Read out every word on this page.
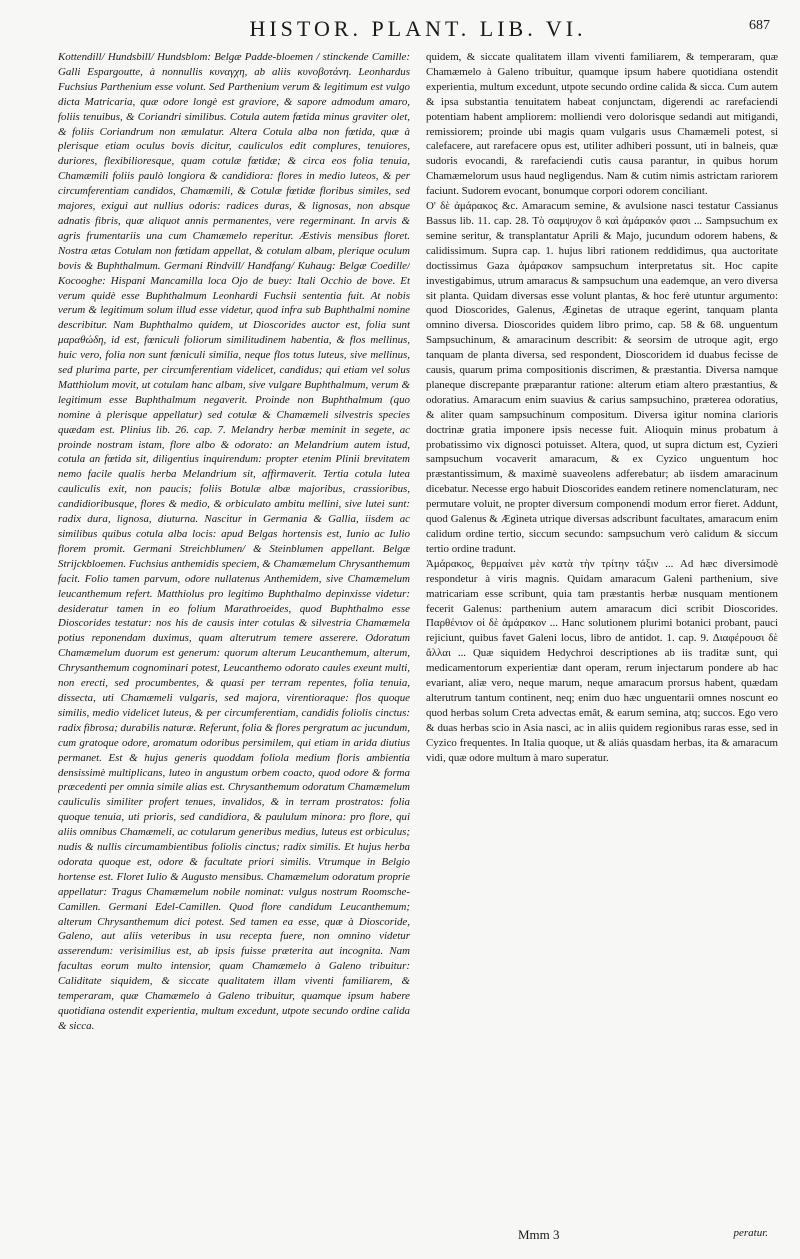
HISTOR. PLANT. LIB. VI.	687

Kottendill/ Hundsbill/ Hundsblom: Belgæ Padde-bloemen / stinckende Camille: Galli Espargoutte, à nonnullis κυναγχη, ab aliis κυνοβοτάνη. Leonhardus Fuchsius Parthenium esse volunt. Sed Parthenium verum & legitimum est vulgo dicta Matricaria, quæ odore longè est graviore, & sapore admodum amaro, foliis tenuibus, & Coriandri similibus. Cotula autem fœtida minus graviter olet, & foliis Coriandrum non æmulatur. Altera Cotula alba non fœtida, quæ à plerisque etiam oculus bovis dicitur, cauliculos edit complures, tenuiores, duriores, flexibilioresque, quam cotulæ fœtidæ; & circa eos folia tenuia, Chamæmili foliis paulò longiora & candidiora: flores in medio luteos, & per circumferentiam candidos, Chamæmili, & Cotulæ fœtidæ floribus similes, sed majores, exigui aut nullius odoris: radices duras, & lignosas, non absque adnatis fibris, quæ aliquot annis permanentes, vere regerminant. In arvis & agris frumentariis una cum Chamæmelo reperitur. Æstivis mensibus floret. Nostra ætas Cotulam non fœtidam appellat, & cotulam albam, plerique oculum bovis & Buphthalmum. Germani Rindvill/ Handfang/ Kuhaug: Belgæ Coedille/ Kocooghe: Hispani Mancamilla loca Ojo de buey: Itali Occhio de bove. Et verum quidè esse Buphthalmum Leonhardi Fuchsii sententia fuit. At nobis verum & legitimum solum illud esse videtur, quod infra sub Buphthalmi nomine describitur. Nam Buphthalmo quidem, ut Dioscorides auctor est, folia sunt μαραθώδη, id est, fœniculi foliorum similitudinem habentia, & flos mellinus, huic vero, folia non sunt fœniculi similia, neque flos totus luteus, sive mellinus, sed plurima parte, per circumferentiam videlicet, candidus; qui etiam vel solus Matthiolum movit, ut cotulam hanc albam, sive vulgare Buphthalmum, verum & legitimum esse Buphthalmum negaverit. Proinde non Buphthalmum (quo nomine à plerisque appellatur) sed cotulæ & Chamæmeli silvestris species quædam est. Plinius lib. 26. cap. 7. Melandry herbæ meminit in segete, ac proinde nostram istam, flore albo & odorato: an Melandrium autem istud, cotula an fœtida sit, diligentius inquirendum: propter etenim Plinii brevitatem nemo facile qualis herba Melandrium sit, affirmaverit. Tertia cotula lutea cauliculis exit, non paucis; foliis Botulæ albæ majoribus, crassioribus, candidioribusque, flores & medio, & orbiculato ambitu mellini, sive lutei sunt: radix dura, lignosa, diuturna. Nascitur in Germania & Gallia, iisdem ac similibus quibus cotula alba locis: apud Belgas hortensis est, Iunio ac Iulio florem promit. Germani Streichblumen/ & Steinblumen appellant. Belgæ Strijckbloemen. Fuchsius anthemidis speciem, & Chamæmelum Chrysanthemum facit. Folio tamen parvum, odore nullatenus Anthemidem, sive Chamæmelum leucanthemum refert. Matthiolus pro legitimo Buphthalmo depinxisse videtur: desideratur tamen in eo folium Marathroeides, quod Buphthalmo esse Dioscorides testatur: nos his de causis inter cotulas & silvestria Chamæmela potius reponendam duximus, quam alterutrum temere asserere. Odoratum Chamæmelum duorum est generum: quorum alterum Leucanthemum, alterum, Chrysanthemum cognominari potest, Leucanthemo odorato caules exeunt multi, non erecti, sed procumbentes, & quasi per terram repentes, folia tenuia, dissecta, uti Chamæmeli vulgaris, sed majora, virentioraque: flos quoque similis, medio videlicet luteus, & per circumferentiam, candidis foliolis cinctus: radix fibrosa; durabilis naturæ. Referunt, folia & flores pergratum ac jucundum, cum gratoque odore, aromatum odoribus persimilem, qui etiam in arida diutius permanet. Est & hujus generis quoddam foliola medium floris ambientia densissimè multiplicans, luteo in angustum orbem coacto, quod odore & forma præcedenti per omnia simile alias est. Chrysanthemum odoratum Chamæmelum cauliculis similiter profert tenues, invalidos, & in terram prostratos: folia quoque tenuia, uti prioris, sed candidiora, & paululum minora: pro flore, qui aliis omnibus Chamæmeli, ac cotularum generibus medius, luteus est orbiculus; nudis & nullis circumambientibus foliolis cinctus; radix similis. Et hujus herba odorata quoque est, odore & facultate priori similis. Vtrumque in Belgio hortense est. Floret Iulio & Augusto mensibus. Chamæmelum odoratum proprie appellatur: Tragus Chamæmelum nobile nominat: vulgus nostrum Roomsche-Camillen. Germani Edel-Camillen. Quod flore candidum Leucanthemum; alterum Chrysanthemum dici potest. Sed tamen ea esse, quæ à Dioscoride, Galeno, aut aliis veteribus in usu recepta fuere, non omnino videtur asserendum: verisimilius est, ab ipsis fuisse præterita aut incognita. Nam facultas eorum multo intensior, quam Chamæmelo à Galeno tribuitur: Caliditate siquidem, & siccate qualitatem illam viventi familiarem, & temperaram, quæ Chamæmelo à Galeno tribuitur, quamque ipsum habere quotidiana ostendit experientia, multum excedunt, utpote secundo ordine calida & sicca.

quidem, & siccate qualitatem illam viventi familiarem, & temperaram, quæ Chamæmelo à Galeno tribuitur, quamque ipsum habere quotidiana ostendit experientia, multum excedunt, utpote secundo ordine calida & sicca. Cum autem & ipsa substantia tenuitatem habeat conjunctam, digerendi ac rarefaciendi potentiam habent ampliorem: molliendi vero dolorisque sedandi aut mitigandi, remissiorem; proinde ubi magis quam vulgaris usus Chamæmeli potest, si calefacere, aut rarefacere opus est, utiliter adhiberi possunt, uti in balneis, quæ sudoris evocandi, & rarefaciendi cutis causa parantur, in quibus horum Chamæmelorum usus haud negligendus. Nam & cutim nimis astrictam rariorem faciunt. Sudorem evocant, bonumque corpori odorem conciliant.

Ο' δὲ ἀμάρακος &c. Amaracum semine, & avulsione nasci testatur Cassianus Bassus lib. 11. cap. 28. Τὸ σαμψυχον ὃ καὶ ἀμάρακόν φασι ... Sampsuchum ex semine seritur, & transplantatur Aprili & Majo, jucundum odorem habens, & calidissimum. Supra cap. 1. hujus libri rationem reddidimus, qua auctoritate doctissimus Gaza ἀμάρακον sampsuchum interpretatus sit. Hoc capite investigabimus, utrum amaracus & sampsuchum una eademque, an vero diversa sit planta. Quidam diversas esse volunt plantas, & hoc ferè utuntur argumento: quod Dioscorides, Galenus, Æginetas de utraque egerint, tanquam planta omnino diversa. Dioscorides quidem libro primo, cap. 58 & 68. unguentum Sampsuchinum, & amaracinum describit: & seorsim de utroque agit, ergo tanquam de planta diversa, sed respondent, Dioscoridem id duabus fecisse de causis, quarum prima compositionis discrimen, & præstantia. Diversa namque planeque discrepante præparantur ratione: alterum etiam altero præstantius, & odoratius. Amaracum enim suavius & carius sampsuchino, præterea odoratius, & aliter quam sampsuchinum compositum. Diversa igitur nomina clarioris doctrinæ gratia imponere ipsis necesse fuit. Alioquin minus probatum à probatissimo vix dignosci potuisset. Altera, quod, ut supra dictum est, Cyzieri sampsuchum vocaverit amaracum, & ex Cyzico unguentum hoc præstantissimum, & maximè suaveolens adferebatur; ab iisdem amaracinum dicebatur. Necesse ergo habuit Dioscorides eandem retinere nomenclaturam, nec permutare voluit, ne propter diversum componendi modum error fieret. Addunt, quod Galenus & Ægineta utrique diversas adscribunt facultates, amaracum enim calidum ordine tertio, siccum secundo: sampsuchum verò calidum & siccum tertio ordine tradunt.

Ἀμάρακος, θερμαίνει μὲν κατὰ τὴν τρίτην τάξιν ... Ad hæc diversimodè respondetur à viris magnis. Quidam amaracum Galeni parthenium, sive matricariam esse scribunt, quia tam præstantis herbæ nusquam mentionem fecerit Galenus: parthenium autem amaracum dici scribit Dioscorides. Παρθένιον οἱ δὲ ἀμάρακον ... Hanc solutionem plurimi botanici probant, pauci rejiciunt, quibus favet Galeni locus, libro de antidot. 1. cap. 9. Διαφέρουσι δὲ ἄλλαι ... Quæ siquidem Hedychroi descriptiones ab iis traditæ sunt, qui medicamentorum experientiæ dant operam, rerum injectarum pondere ab hac evariant, aliæ vero, neque marum, neque amaracum prorsus habent, quædam alterutrum tantum continent, neq; enim duo hæc unguentarii omnes noscunt eo quod herbas solum Creta advectas emât, & earum semina, atq; succos. Ego vero & duas herbas scio in Asia nasci, ac in aliis quidem regionibus raras esse, sed in Cyzico frequentes. In Italia quoque, ut & aliás quasdam herbas, ita & amaracum vidi, quæ odore multum à maro superatur.

Mmm 3	peratur.
